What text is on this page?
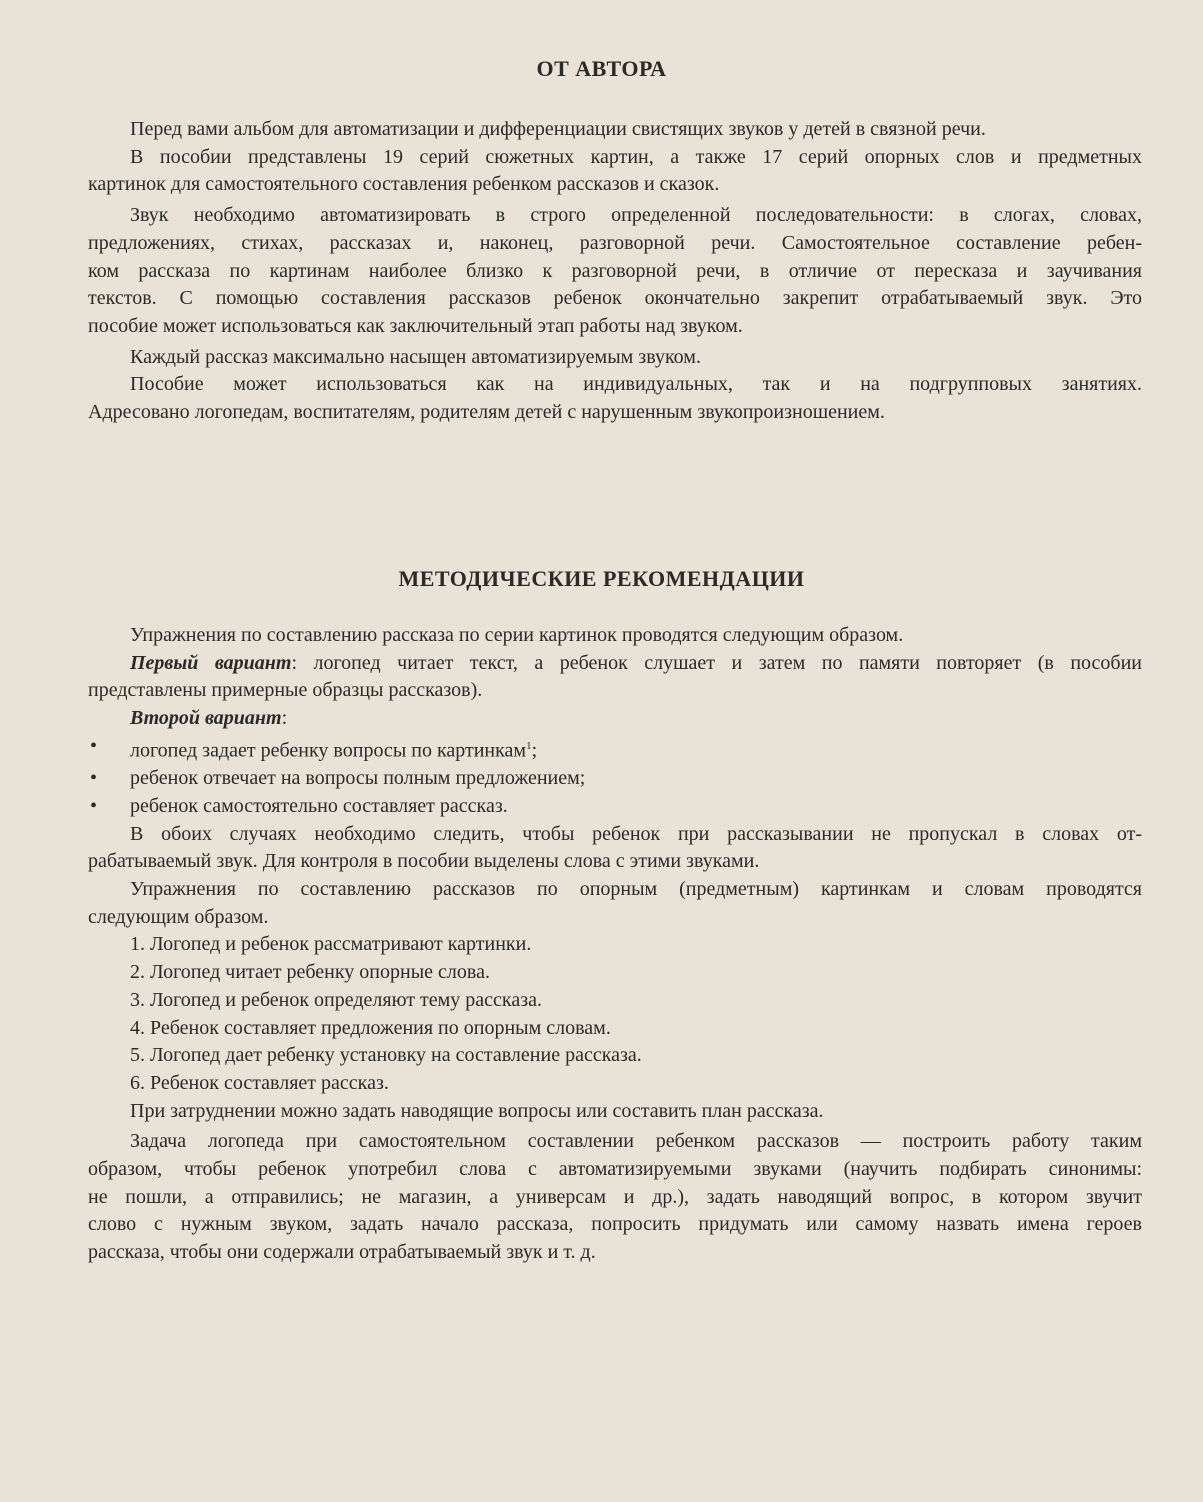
ОТ АВТОРА
Перед вами альбом для автоматизации и дифференциации свистящих звуков у детей в связной речи.
В пособии представлены 19 серий сюжетных картин, а также 17 серий опорных слов и предметных
картинок для самостоятельного составления ребенком рассказов и сказок.
Звук необходимо автоматизировать в строго определенной последовательности: в слогах, словах,
предложениях, стихах, рассказах и, наконец, разговорной речи. Самостоятельное составление ребен-
ком рассказа по картинам наиболее близко к разговорной речи, в отличие от пересказа и заучивания
текстов. С помощью составления рассказов ребенок окончательно закрепит отрабатываемый звук. Это
пособие может использоваться как заключительный этап работы над звуком.
Каждый рассказ максимально насыщен автоматизируемым звуком.
Пособие может использоваться как на индивидуальных, так и на подгрупповых занятиях.
Адресовано логопедам, воспитателям, родителям детей с нарушенным звукопроизношением.
МЕТОДИЧЕСКИЕ РЕКОМЕНДАЦИИ
Упражнения по составлению рассказа по серии картинок проводятся следующим образом.
Первый вариант: логопед читает текст, а ребенок слушает и затем по памяти повторяет (в пособии
представлены примерные образцы рассказов).
Второй вариант:
• логопед задает ребенку вопросы по картинкам$^1$;
• ребенок отвечает на вопросы полным предложением;
• ребенок самостоятельно составляет рассказ.
В обоих случаях необходимо следить, чтобы ребенок при рассказывании не пропускал в словах от-
рабатываемый звук. Для контроля в пособии выделены слова с этими звуками.
Упражнения по составлению рассказов по опорным (предметным) картинкам и словам проводятся
следующим образом.
1. Логопед и ребенок рассматривают картинки.
2. Логопед читает ребенку опорные слова.
3. Логопед и ребенок определяют тему рассказа.
4. Ребенок составляет предложения по опорным словам.
5. Логопед дает ребенку установку на составление рассказа.
6. Ребенок составляет рассказ.
При затруднении можно задать наводящие вопросы или составить план рассказа.
Задача логопеда при самостоятельном составлении ребенком рассказов — построить работу таким
образом, чтобы ребенок употребил слова с автоматизируемыми звуками (научить подбирать синонимы:
не пошли, а отправились; не магазин, а универсам и др.), задать наводящий вопрос, в котором звучит
слово с нужным звуком, задать начало рассказа, попросить придумать или самому назвать имена героев
рассказа, чтобы они содержали отрабатываемый звук и т. д.
